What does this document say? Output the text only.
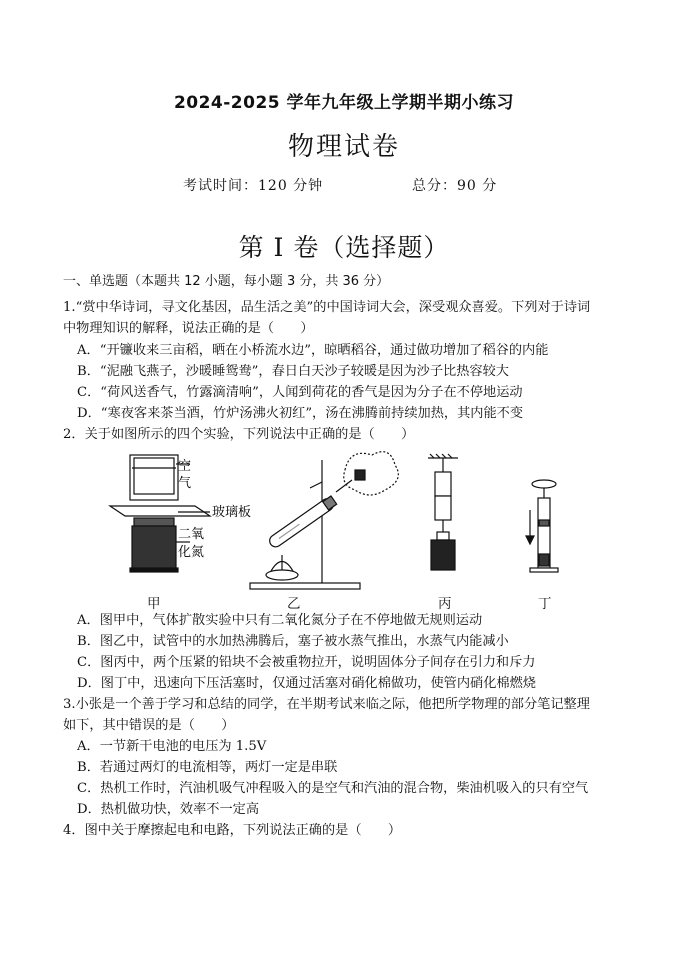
2024-2025 学年九年级上学期半期小练习
物理试卷
考试时间：120 分钟	总分：90 分
第 I 卷（选择题）
一、单选题（本题共 12 小题，每小题 3 分，共 36 分）
1.“赏中华诗词，寻文化基因，品生活之美”的中国诗词大会，深受观众喜爱。下列对于诗词
中物理知识的解释，说法正确的是（　　）
A．“开镰收来三亩稻，晒在小桥流水边”，晾晒稻谷，通过做功增加了稻谷的内能
B．“泥融飞燕子，沙暖睡鸳鸯”，春日白天沙子较暖是因为沙子比热容较大
C．“荷风送香气，竹露滴清响”，人闻到荷花的香气是因为分子在不停地运动
D．“寒夜客来茶当酒，竹炉汤沸火初红”，汤在沸腾前持续加热，其内能不变
2．关于如图所示的四个实验，下列说法中正确的是（　　）
空
气
玻璃板
二氧
化氮
甲	乙	丙	丁
A．图甲中，气体扩散实验中只有二氧化氮分子在不停地做无规则运动
B．图乙中，试管中的水加热沸腾后，塞子被水蒸气推出，水蒸气内能减小
C．图丙中，两个压紧的铅块不会被重物拉开，说明固体分子间存在引力和斥力
D．图丁中，迅速向下压活塞时，仅通过活塞对硝化棉做功，使管内硝化棉燃烧
3.小张是一个善于学习和总结的同学，在半期考试来临之际，他把所学物理的部分笔记整理
如下，其中错误的是（　　）
A．一节新干电池的电压为 1.5V
B．若通过两灯的电流相等，两灯一定是串联
C．热机工作时，汽油机吸气冲程吸入的是空气和汽油的混合物，柴油机吸入的只有空气
D．热机做功快，效率不一定高
4．图中关于摩擦起电和电路，下列说法正确的是（　　）
